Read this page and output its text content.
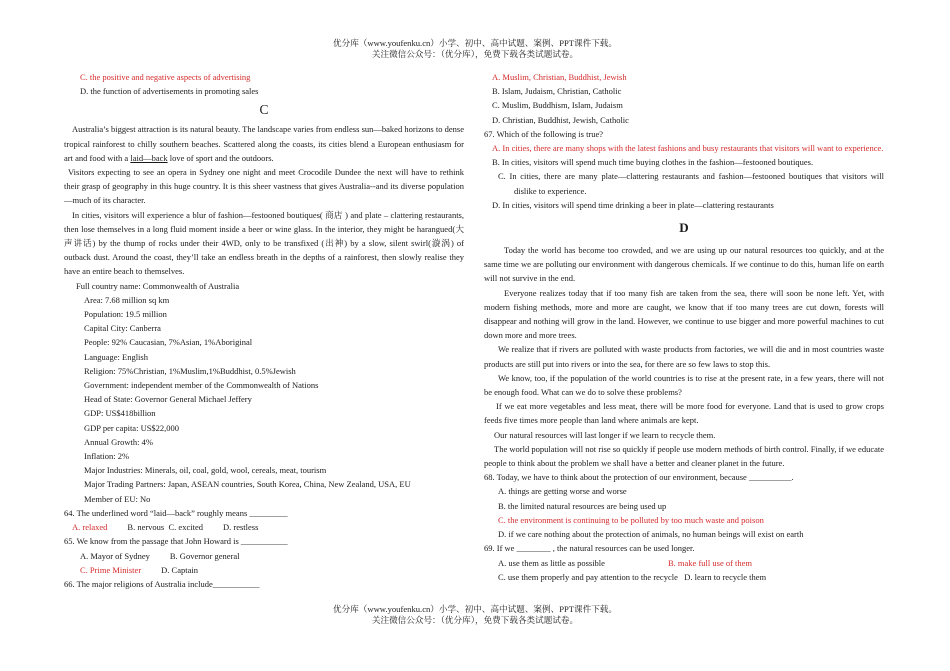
优分库（www.youfenku.cn）小学、初中、高中试题、案例、PPT课件下载。
关注微信公众号：（优分库），免费下载各类试题试卷。
C. the positive and negative aspects of advertising
D. the function of advertisements in promoting sales
C
Australia’s biggest attraction is its natural beauty. The landscape varies from endless sun—baked horizons to dense tropical rainforest to chilly southern beaches. Scattered along the coasts, its cities blend a European enthusiasm for art and food with a laid—back love of sport and the outdoors.
Visitors expecting to see an opera in Sydney one night and meet Crocodile Dundee the next will have to rethink their grasp of geography in this huge country. It is this sheer vastness that gives Australia--and its diverse population—much of its character.
In cities, visitors will experience a blur of fashion—festooned boutiques( 商店 ) and plate – clattering restaurants, then lose themselves in a long fluid moment inside a beer or wine glass. In the interior, they might be harangued(大声讲话) by the thump of rocks under their 4WD, only to be transfixed (出神) by a slow, silent swirl(漩涡) of outback dust. Around the coast, they’ll take an endless breath in the depths of a rainforest, then slowly realise they have an entire beach to themselves.
Full country name: Commonwealth of Australia
Area: 7.68 million sq km
Population: 19.5 million
Capital City: Canberra
People: 92% Caucasian, 7%Asian, 1%Aboriginal
Language: English
Religion: 75%Christian, 1%Muslim,1%Buddhist, 0.5%Jewish
Government: independent member of the Commonwealth of Nations
Head of State: Governor General Michael Jeffery
GDP: US$418billion
GDP per capita: US$22,000
Annual Growth: 4%
Inflation: 2%
Major Industries: Minerals, oil, coal, gold, wool, cereals, meat, tourism
Major Trading Partners: Japan, ASEAN countries, South Korea, China, New Zealand, USA, EU
Member of EU: No
64. The underlined word “laid—back” roughly means _________
A. relaxed B. nervous C. excited D. restless
65. We know from the passage that John Howard is ___________
A. Mayor of Sydney B. Governor general
C. Prime Minister D. Captain
66. The major religions of Australia include___________
A. Muslim, Christian, Buddhist, Jewish
B. Islam, Judaism, Christian, Catholic
C. Muslim, Buddhism, Islam, Judaism
D. Christian, Buddhist, Jewish, Catholic
67. Which of the following is true?
A. In cities, there are many shops with the latest fashions and busy restaurants that visitors will want to experience.
B. In cities, visitors will spend much time buying clothes in the fashion—festooned boutiques.
C. In cities, there are many plate—clattering restaurants and fashion—festooned boutiques that visitors will dislike to experience.
D. In cities, visitors will spend time drinking a beer in plate—clattering restaurants
D
Today the world has become too crowded, and we are using up our natural resources too quickly, and at the same time we are polluting our environment with dangerous chemicals. If we continue to do this, human life on earth will not survive in the end.
Everyone realizes today that if too many fish are taken from the sea, there will soon be none left. Yet, with modern fishing methods, more and more are caught, we know that if too many trees are cut down, forests will disappear and nothing will grow in the land. However, we continue to use bigger and more powerful machines to cut down more and more trees.
We realize that if rivers are polluted with waste products from factories, we will die and in most countries waste products are still put into rivers or into the sea, for there are so few laws to stop this.
We know, too, if the population of the world countries is to rise at the present rate, in a few years, there will not be enough food. What can we do to solve these problems?
If we eat more vegetables and less meat, there will be more food for everyone. Land that is used to grow crops feeds five times more people than land where animals are kept.
Our natural resources will last longer if we learn to recycle them.
The world population will not rise so quickly if people use modern methods of birth control. Finally, if we educate people to think about the problem we shall have a better and cleaner planet in the future.
68. Today, we have to think about the protection of our environment, because __________.
A. things are getting worse and worse
B. the limited natural resources are being used up
C. the environment is continuing to be polluted by too much waste and poison
D. if we care nothing about the protection of animals, no human beings will exist on earth
69. If we ________ , the natural resources can be used longer.
A. use them as little as possible	B. make full use of them
C. use them properly and pay attention to the recycle D. learn to recycle them
优分库（www.youfenku.cn）小学、初中、高中试题、案例、PPT课件下载。
关注微信公众号：（优分库），免费下载各类试题试卷。
